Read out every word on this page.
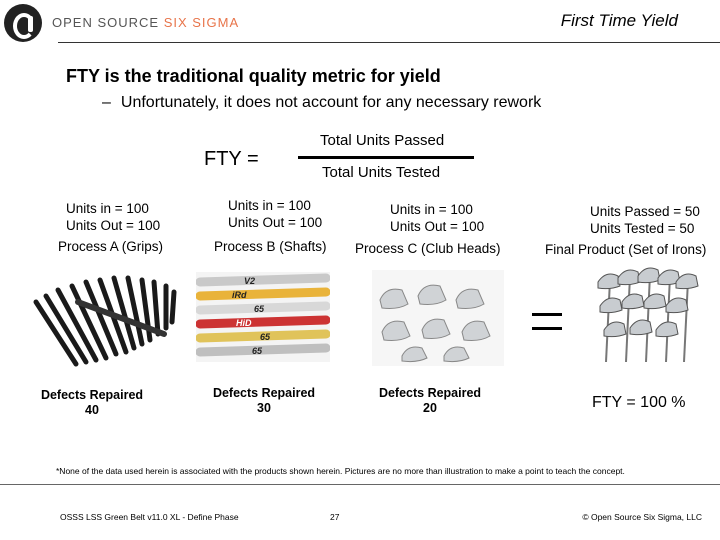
OPEN SOURCE SIX SIGMA	First Time Yield
FTY is the traditional quality metric for yield
– Unfortunately, it does not account for any necessary rework
FTY =
Total Units Passed
Total Units Tested
Units in = 100
Units Out = 100
Process A (Grips)
Units in = 100
Units Out = 100
Process B (Shafts)
Units in = 100
Units Out = 100
Process C (Club Heads)
Units Passed = 50
Units Tested = 50
Final Product (Set of Irons)
V2
iRd
65
HiD
65
65
Defects Repaired
40
Defects Repaired
30
Defects Repaired
20	FTY = 100 %
*None of the data used herein is associated with the products shown herein. Pictures are no more than illustration to make a point to teach the concept.
OSSS LSS Green Belt v11.0 XL - Define Phase	27	© Open Source Six Sigma, LLC
